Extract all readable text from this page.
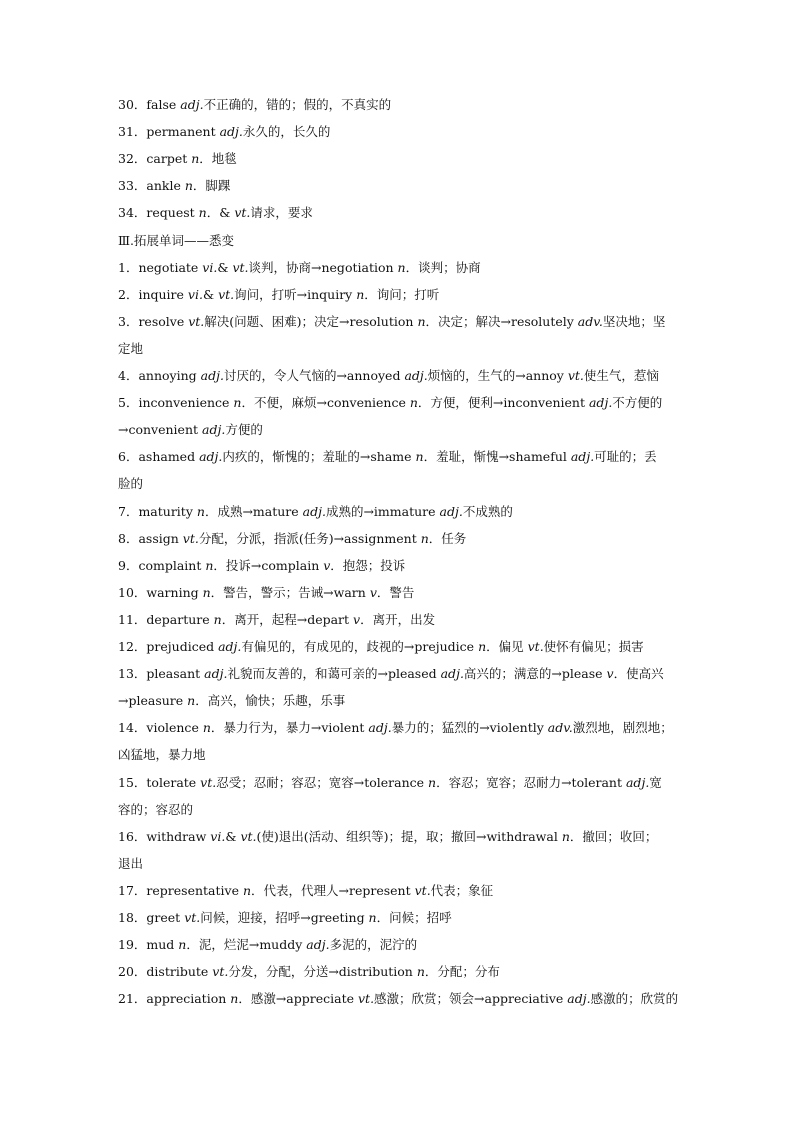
30．false adj.不正确的，错的；假的，不真实的
31．permanent adj.永久的，长久的
32．carpet n．地毯
33．ankle n．脚踝
34．request n．& vt.请求，要求
Ⅲ.拓展单词——悉变
1．negotiate vi.& vt.谈判，协商→negotiation n．谈判；协商
2．inquire vi.& vt.询问，打听→inquiry n．询问；打听
3．resolve vt.解决(问题、困难)；决定→resolution n．决定；解决→resolutely adv.坚决地；坚
定地
4．annoying adj.讨厌的，令人气恼的→annoyed adj.烦恼的，生气的→annoy vt.使生气，惹恼
5．inconvenience n．不便，麻烦→convenience n．方便，便利→inconvenient adj.不方便的
→convenient adj.方便的
6．ashamed adj.内疚的，惭愧的；羞耻的→shame n．羞耻，惭愧→shameful adj.可耻的；丢
脸的
7．maturity n．成熟→mature adj.成熟的→immature adj.不成熟的
8．assign vt.分配，分派，指派(任务)→assignment n．任务
9．complaint n．投诉→complain v．抱怨；投诉
10．warning n．警告，警示；告诫→warn v．警告
11．departure n．离开，起程→depart v．离开，出发
12．prejudiced adj.有偏见的，有成见的，歧视的→prejudice n．偏见 vt.使怀有偏见；损害
13．pleasant adj.礼貌而友善的，和蔼可亲的→pleased adj.高兴的；满意的→please v．使高兴
→pleasure n．高兴，愉快；乐趣，乐事
14．violence n．暴力行为，暴力→violent adj.暴力的；猛烈的→violently adv.激烈地，剧烈地；
凶猛地，暴力地
15．tolerate vt.忍受；忍耐；容忍；宽容→tolerance n．容忍；宽容；忍耐力→tolerant adj.宽
容的；容忍的
16．withdraw vi.& vt.(使)退出(活动、组织等)；提，取；撤回→withdrawal n．撤回；收回；
退出
17．representative n．代表，代理人→represent vt.代表；象征
18．greet vt.问候，迎接，招呼→greeting n．问候；招呼
19．mud n．泥，烂泥→muddy adj.多泥的，泥泞的
20．distribute vt.分发，分配，分送→distribution n．分配；分布
21．appreciation n．感激→appreciate vt.感激；欣赏；领会→appreciative adj.感激的；欣赏的
